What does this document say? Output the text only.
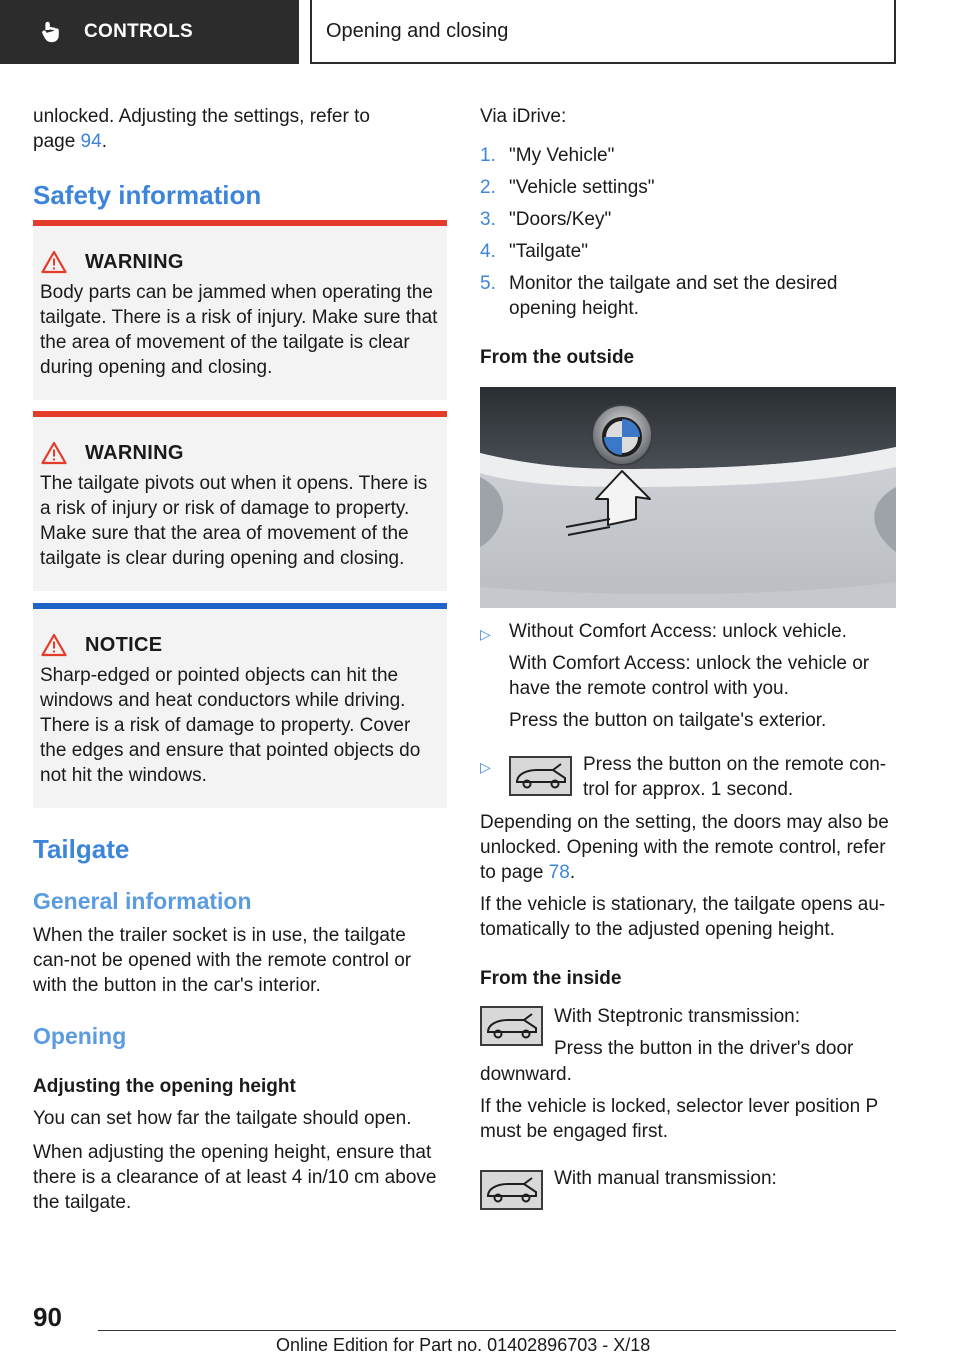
CONTROLS	Opening and closing
unlocked. Adjusting the settings, refer to
page 94.
Safety information
WARNING
Body parts can be jammed when operating the tailgate. There is a risk of injury. Make sure that the area of movement of the tailgate is clear during opening and closing.
WARNING
The tailgate pivots out when it opens. There is a risk of injury or risk of damage to property. Make sure that the area of movement of the tailgate is clear during opening and closing.
NOTICE
Sharp-edged or pointed objects can hit the windows and heat conductors while driving. There is a risk of damage to property. Cover the edges and ensure that pointed objects do not hit the windows.
Tailgate
General information
When the trailer socket is in use, the tailgate can-not be opened with the remote control or with the button in the car's interior.
Opening
Adjusting the opening height
You can set how far the tailgate should open.
When adjusting the opening height, ensure that there is a clearance of at least 4 in/10 cm above the tailgate.
Via iDrive:
1. "My Vehicle"
2. "Vehicle settings"
3. "Doors/Key"
4. "Tailgate"
5. Monitor the tailgate and set the desired opening height.
From the outside
▷ Without Comfort Access: unlock vehicle.
With Comfort Access: unlock the vehicle or have the remote control with you.
Press the button on tailgate's exterior.
▷	Press the button on the remote con-trol for approx. 1 second.
Depending on the setting, the doors may also be unlocked. Opening with the remote control, refer to page 78.
If the vehicle is stationary, the tailgate opens au-tomatically to the adjusted opening height.
From the inside
With Steptronic transmission:
Press the button in the driver's door
downward.
If the vehicle is locked, selector lever position P must be engaged first.
With manual transmission:
90
Online Edition for Part no. 01402896703 - X/18
